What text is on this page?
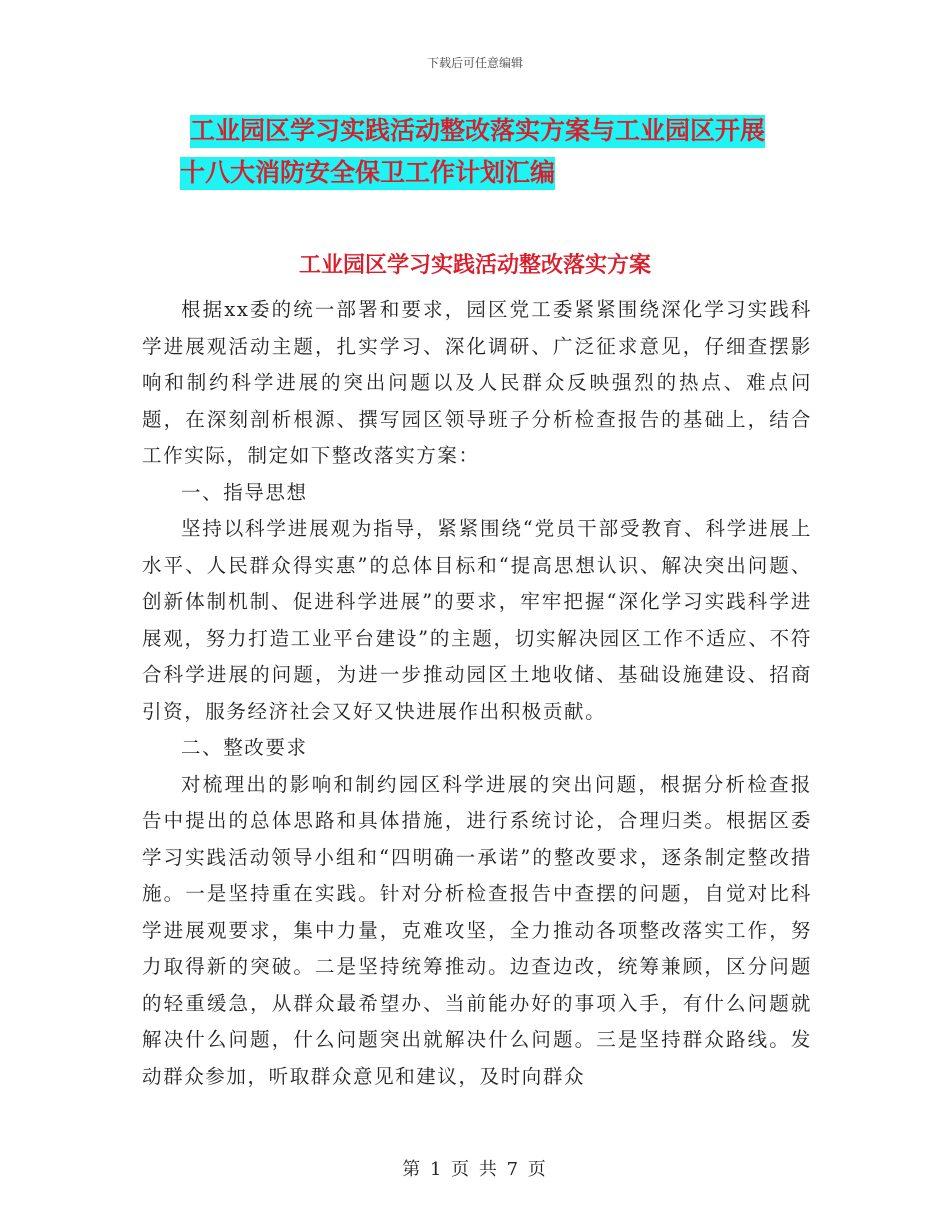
下载后可任意编辑
工业园区学习实践活动整改落实方案与工业园区开展
十八大消防安全保卫工作计划汇编
工业园区学习实践活动整改落实方案

根据xx委的统一部署和要求，园区党工委紧紧围绕深化学习实践科学进展观活动主题，扎实学习、深化调研、广泛征求意见，仔细查摆影响和制约科学进展的突出问题以及人民群众反映强烈的热点、难点问题，在深刻剖析根源、撰写园区领导班子分析检查报告的基础上，结合工作实际，制定如下整改落实方案：

一、指导思想

坚持以科学进展观为指导，紧紧围绕“党员干部受教育、科学进展上水平、人民群众得实惠”的总体目标和“提高思想认识、解决突出问题、创新体制机制、促进科学进展”的要求，牢牢把握“深化学习实践科学进展观，努力打造工业平台建设”的主题，切实解决园区工作不适应、不符合科学进展的问题，为进一步推动园区土地收储、基础设施建设、招商引资，服务经济社会又好又快进展作出积极贡献。

二、整改要求

对梳理出的影响和制约园区科学进展的突出问题，根据分析检查报告中提出的总体思路和具体措施，进行系统讨论，合理归类。根据区委学习实践活动领导小组和“四明确一承诺”的整改要求，逐条制定整改措施。一是坚持重在实践。针对分析检查报告中查摆的问题，自觉对比科学进展观要求，集中力量，克难攻坚，全力推动各项整改落实工作，努力取得新的突破。二是坚持统筹推动。边查边改，统筹兼顾，区分问题的轻重缓急，从群众最希望办、当前能办好的事项入手，有什么问题就解决什么问题，什么问题突出就解决什么问题。三是坚持群众路线。发动群众参加，听取群众意见和建议，及时向群众

第 1 页 共 7 页
